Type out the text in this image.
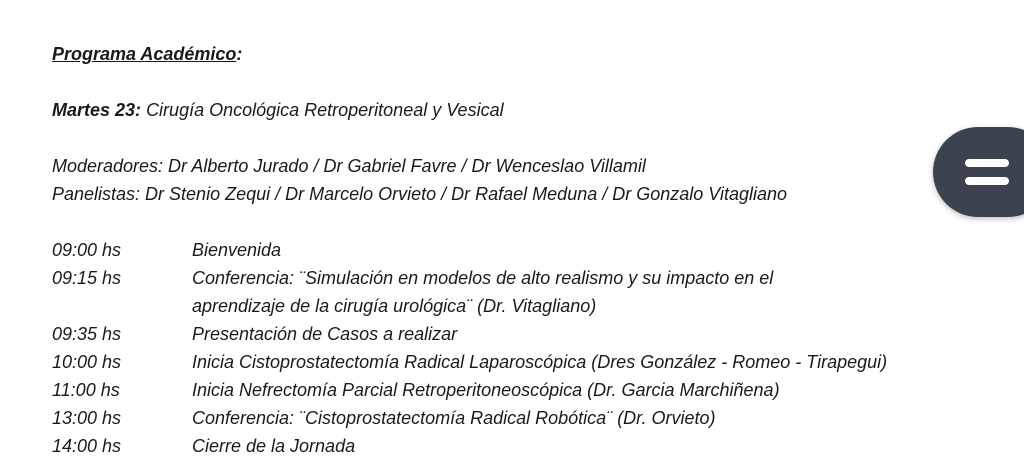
Programa Académico:

Martes 23: Cirugía Oncológica Retroperitoneal y Vesical
Moderadores: Dr Alberto Jurado / Dr Gabriel Favre / Dr Wenceslao Villamil
Panelistas: Dr Stenio Zequi / Dr Marcelo Orvieto / Dr Rafael Meduna / Dr Gonzalo Vitagliano
09:00 hs	Bienvenida
09:15 hs	Conferencia: ¨Simulación en modelos de alto realismo y su impacto en el
aprendizaje de la cirugía urológica¨ (Dr. Vitagliano)
09:35 hs	Presentación de Casos a realizar
10:00 hs	Inicia Cistoprostatectomía Radical Laparoscópica (Dres González - Romeo - Tirapegui)
11:00 hs	Inicia Nefrectomía Parcial Retroperitoneoscópica (Dr. Garcia Marchiñena)
13:00 hs	Conferencia: ¨Cistoprostatectomía Radical Robótica¨ (Dr. Orvieto)
14:00 hs	Cierre de la Jornada
